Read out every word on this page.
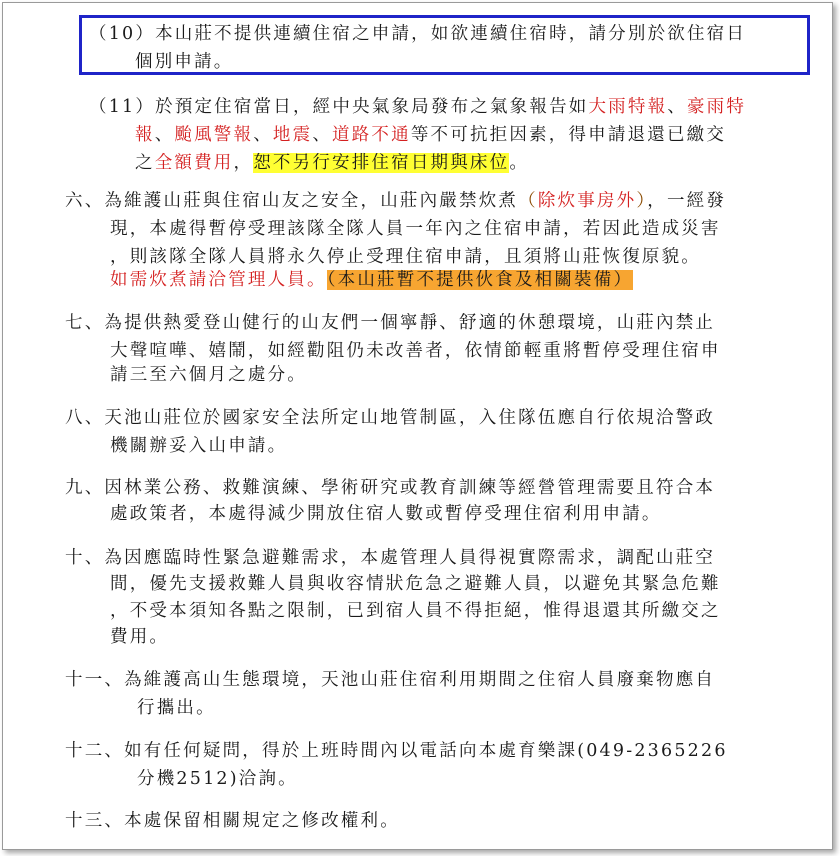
（10）本山莊不提供連續住宿之申請，如欲連續住宿時，請分別於欲住宿日
個別申請。
（11）於預定住宿當日，經中央氣象局發布之氣象報告如大雨特報、豪雨特
報、颱風警報、地震、道路不通等不可抗拒因素，得申請退還已繳交
之全額費用，恕不另行安排住宿日期與床位。
六、為維護山莊與住宿山友之安全，山莊內嚴禁炊煮（除炊事房外），一經發
現，本處得暫停受理該隊全隊人員一年內之住宿申請，若因此造成災害
，則該隊全隊人員將永久停止受理住宿申請，且須將山莊恢復原貌。
如需炊煮請洽管理人員。（本山莊暫不提供伙食及相關裝備）
七、為提供熱愛登山健行的山友們一個寧靜、舒適的休憩環境，山莊內禁止
大聲喧嘩、嬉鬧，如經勸阻仍未改善者，依情節輕重將暫停受理住宿申
請三至六個月之處分。
八、天池山莊位於國家安全法所定山地管制區，入住隊伍應自行依規洽警政
機關辦妥入山申請。
九、因林業公務、救難演練、學術研究或教育訓練等經營管理需要且符合本
處政策者，本處得減少開放住宿人數或暫停受理住宿利用申請。
十、為因應臨時性緊急避難需求，本處管理人員得視實際需求，調配山莊空
間，優先支援救難人員與收容情狀危急之避難人員，以避免其緊急危難
，不受本須知各點之限制，已到宿人員不得拒絕，惟得退還其所繳交之
費用。
十一、為維護高山生態環境，天池山莊住宿利用期間之住宿人員廢棄物應自
行攜出。
十二、如有任何疑問，得於上班時間內以電話向本處育樂課(049-2365226
分機2512)洽詢。
十三、本處保留相關規定之修改權利。
